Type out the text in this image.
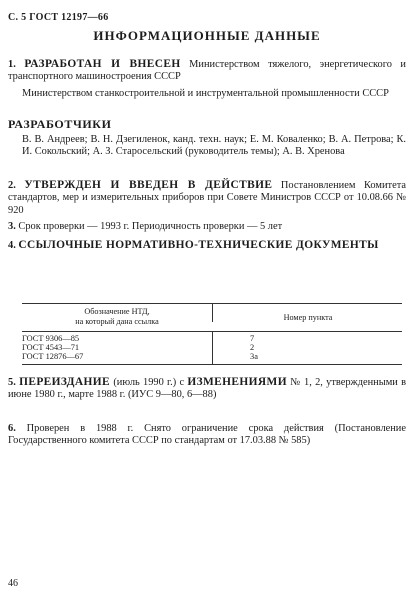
С. 5 ГОСТ 12197—66
ИНФОРМАЦИОННЫЕ ДАННЫЕ
1. РАЗРАБОТАН И ВНЕСЕН Министерством тяжелого, энергетического и транспортного машиностроения СССР
Министерством станкостроительной и инструментальной промышленности СССР
РАЗРАБОТЧИКИ
В. В. Андреев; В. Н. Дзегиленок, канд. техн. наук; Е. М. Коваленко; В. А. Петрова; К. И. Сокольский; А. З. Старосельский (руководитель темы); А. В. Хренова
2. УТВЕРЖДЕН И ВВЕДЕН В ДЕЙСТВИЕ Постановлением Комитета стандартов, мер и измерительных приборов при Совете Министров СССР от 10.08.66 № 920
3. Срок проверки — 1993 г. Периодичность проверки — 5 лет
4. ССЫЛОЧНЫЕ НОРМАТИВНО-ТЕХНИЧЕСКИЕ ДОКУМЕНТЫ
Обозначение НТД,
на который дана ссылка	Номер пункта
ГОСТ 9306—85	7
ГОСТ 4543—71	2
ГОСТ 12876—67	3а
5. ПЕРЕИЗДАНИЕ (июль 1990 г.) с ИЗМЕНЕНИЯМИ № 1, 2, утвержденными в июне 1980 г., марте 1988 г. (ИУС 9—80, 6—88)
6. Проверен в 1988 г. Снято ограничение срока действия (Постановление Государственного комитета СССР по стандартам от 17.03.88 № 585)
46
